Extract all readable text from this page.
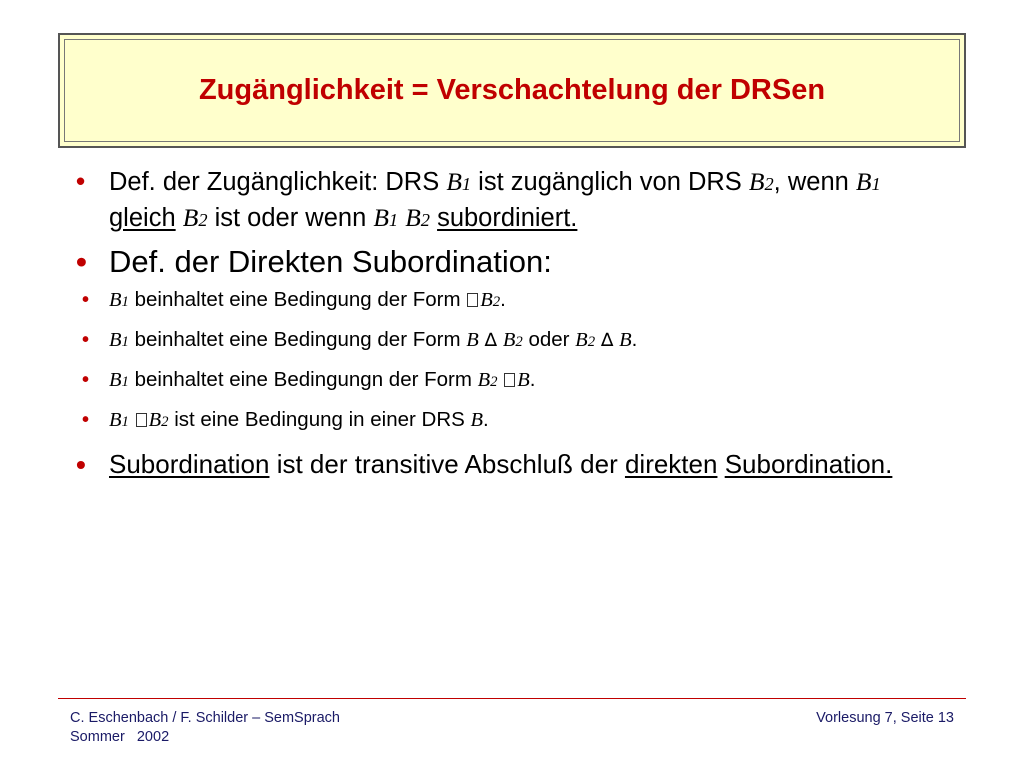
Zugänglichkeit = Verschachtelung der DRSen
• Def. der Zugänglichkeit: DRS B1 ist zugänglich von DRS B2, wenn B1 gleich B2 ist oder wenn B1 B2 subordiniert.
• Def. der Direkten Subordination:
• B1 beinhaltet eine Bedingung der Form B2.
• B1 beinhaltet eine Bedingung der Form B ∆ B2 oder B2 ∆ B.
• B1 beinhaltet eine Bedingungn der Form B2 B.
• B1 B2 ist eine Bedingung in einer DRS B.
• Subordination ist der transitive Abschluß der direkten Subordination.
C. Eschenbach / F. Schilder – SemSprach
Sommer   2002
Vorlesung 7, Seite 13
